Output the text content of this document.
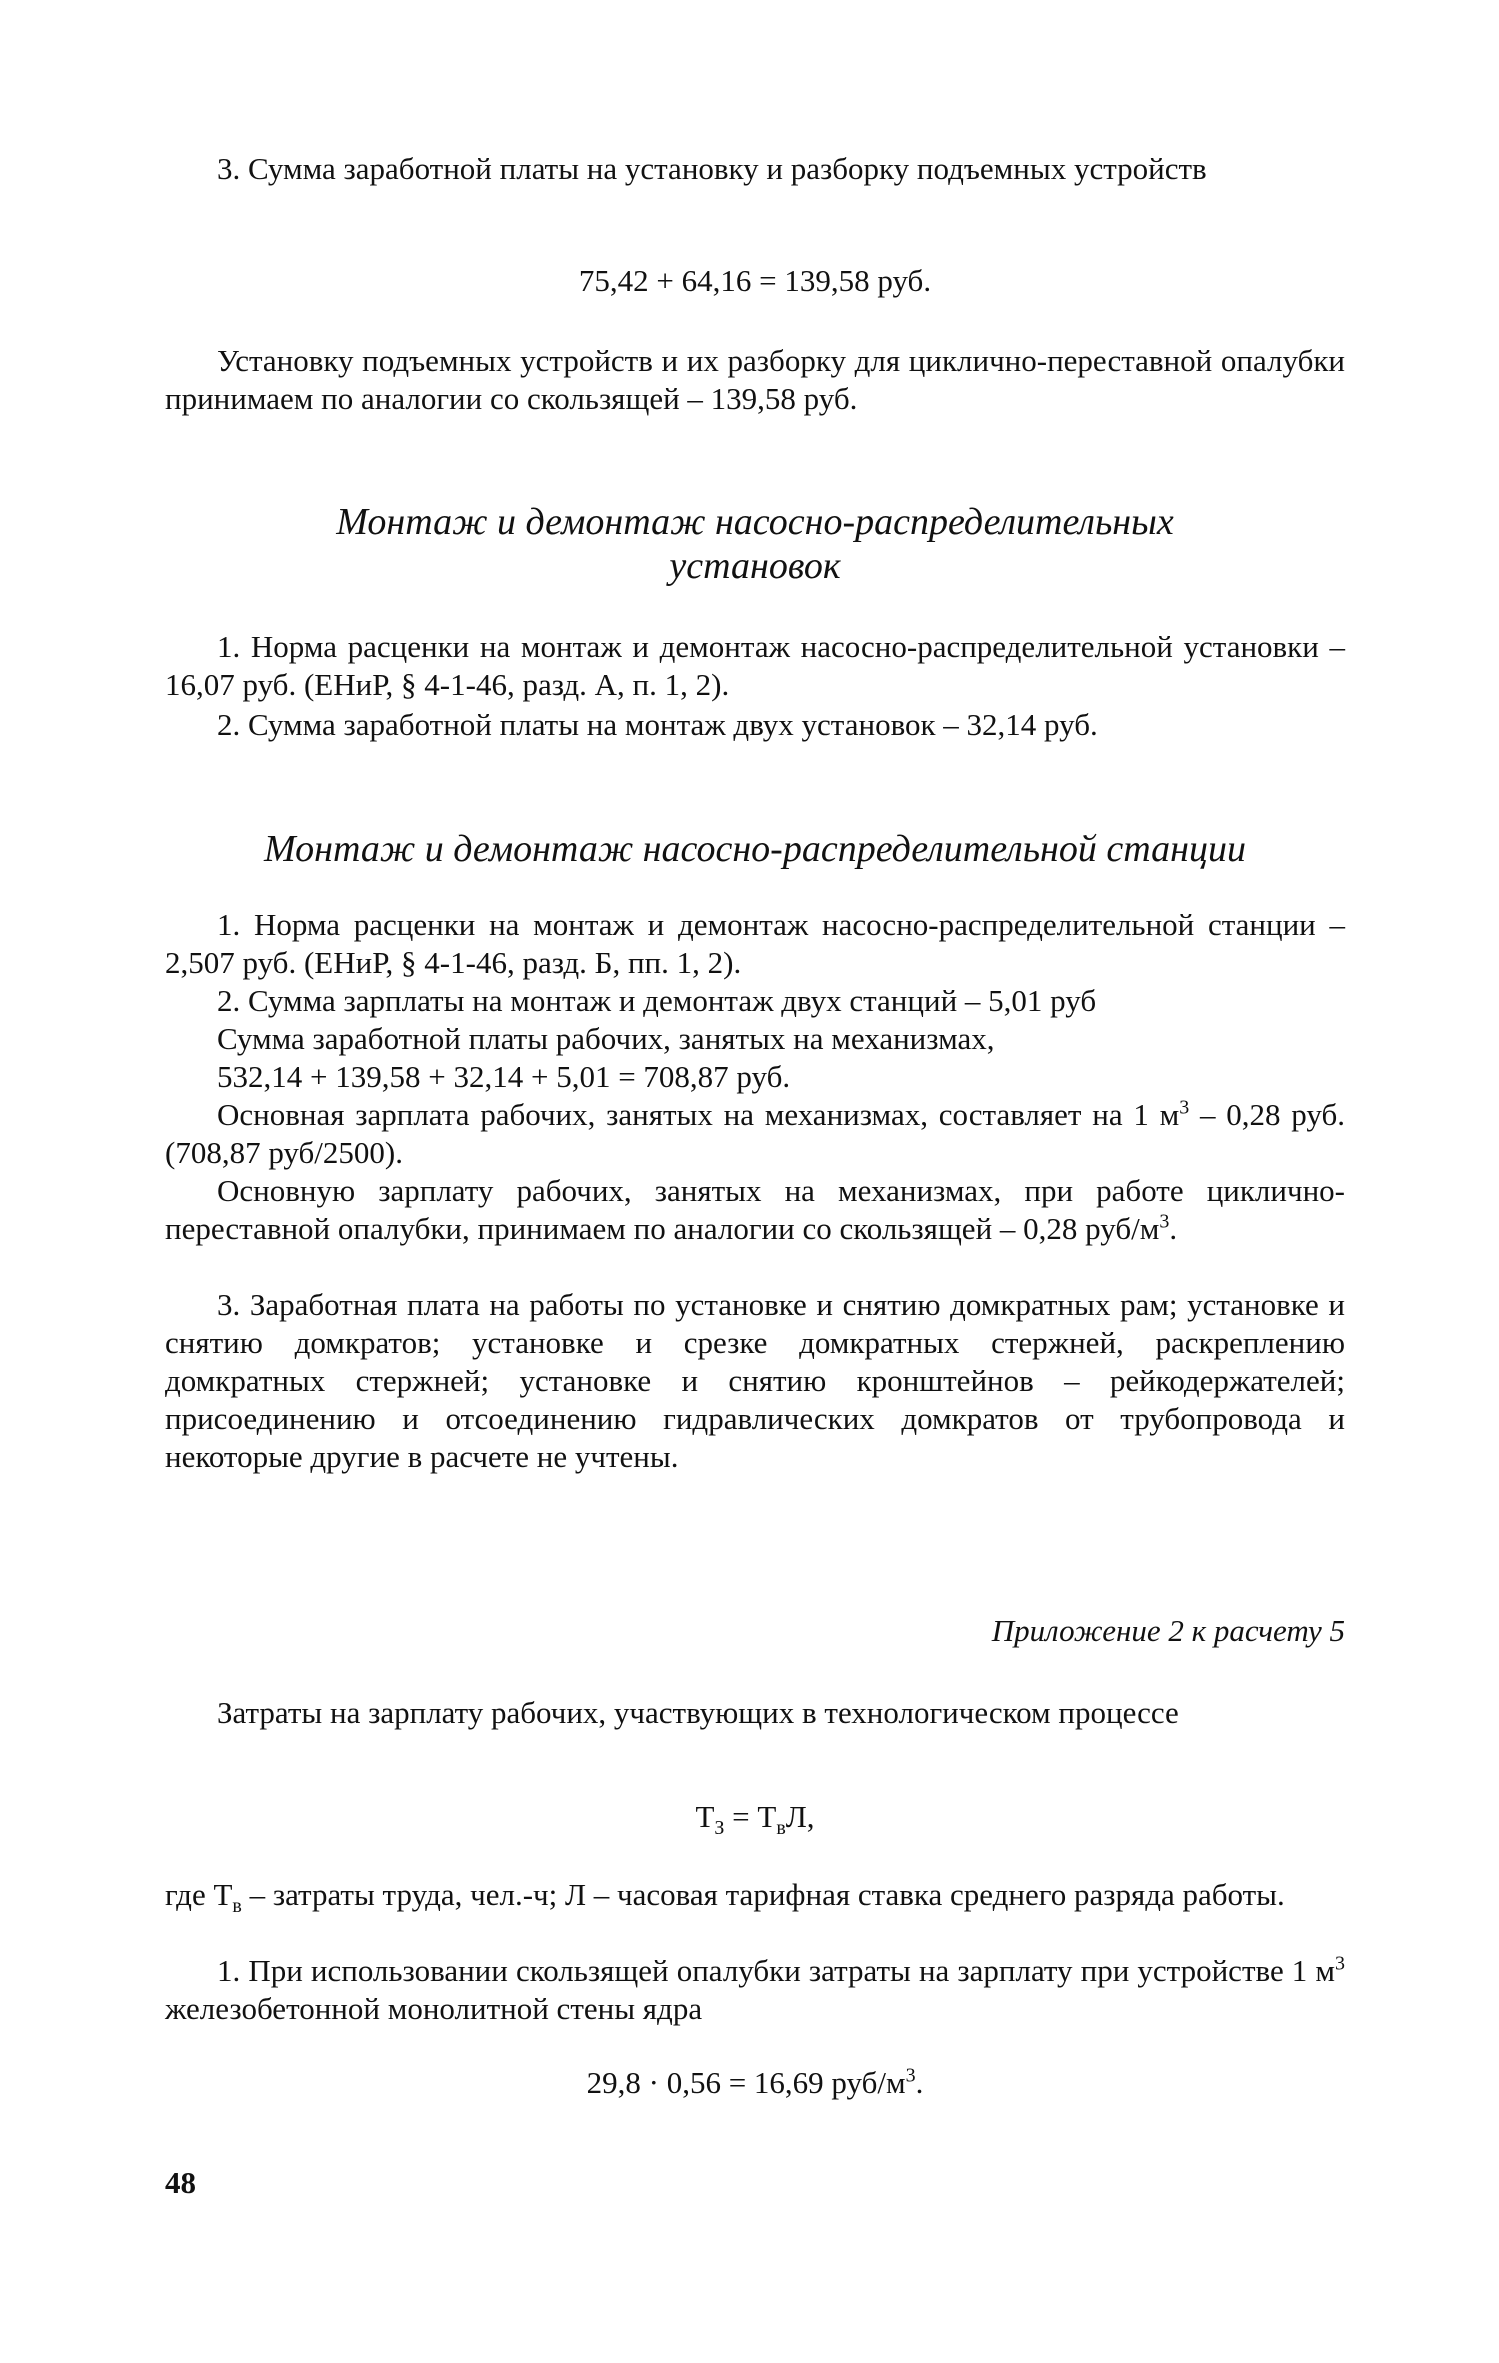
3. Сумма заработной платы на установку и разборку подъемных устройств

75,42 + 64,16 = 139,58 руб.

Установку подъемных устройств и их разборку для циклично-переставной опалубки принимаем по аналогии со скользящей – 139,58 руб.

Монтаж и демонтаж насосно-распределительных

установок

1. Норма расценки на монтаж и демонтаж насосно-распределительной установки – 16,07 руб. (ЕНиР, § 4-1-46, разд. А, п. 1, 2).

2. Сумма заработной платы на монтаж двух установок – 32,14 руб.

Монтаж и демонтаж насосно-распределительной станции

1. Норма расценки на монтаж и демонтаж насосно-распределительной станции – 2,507 руб. (ЕНиР, § 4-1-46, разд. Б, пп. 1, 2).

2. Сумма зарплаты на монтаж и демонтаж двух станций – 5,01 руб

Сумма заработной платы рабочих, занятых на механизмах,

532,14 + 139,58 + 32,14 + 5,01 = 708,87 руб.

Основная зарплата рабочих, занятых на механизмах, составляет на 1 $м^3 - 0,28$ руб. (708,87 руб/2500).

Основную зарплату рабочих, занятых на механизмах, при работе циклично-переставной опалубки, принимаем по аналогии со скользящей – 0,28 руб/$м^3$.

3. Заработная плата на работы по установке и снятию домкратных рам; установке и снятию домкратов; установке и срезке домкратных стержней, раскреплению домкратных стержней; установке и снятию кронштейнов – рейкодержателей; присоединению и отсоединению гидравлических домкратов от трубопровода и некоторые другие в расчете не учтены.

Приложение 2 к расчету 5

Затраты на зарплату рабочих, участвующих в технологическом процессе

$Т_З = Т_вЛ$,

где $Т_в$ – затраты труда, чел.-ч; Л – часовая тарифная ставка среднего разряда работы.

1. При использовании скользящей опалубки затраты на зарплату при устройстве 1 $м^3$ железобетонной монолитной стены ядра

29,8 · 0,56 = 16,69 руб/$м^3$.

48
